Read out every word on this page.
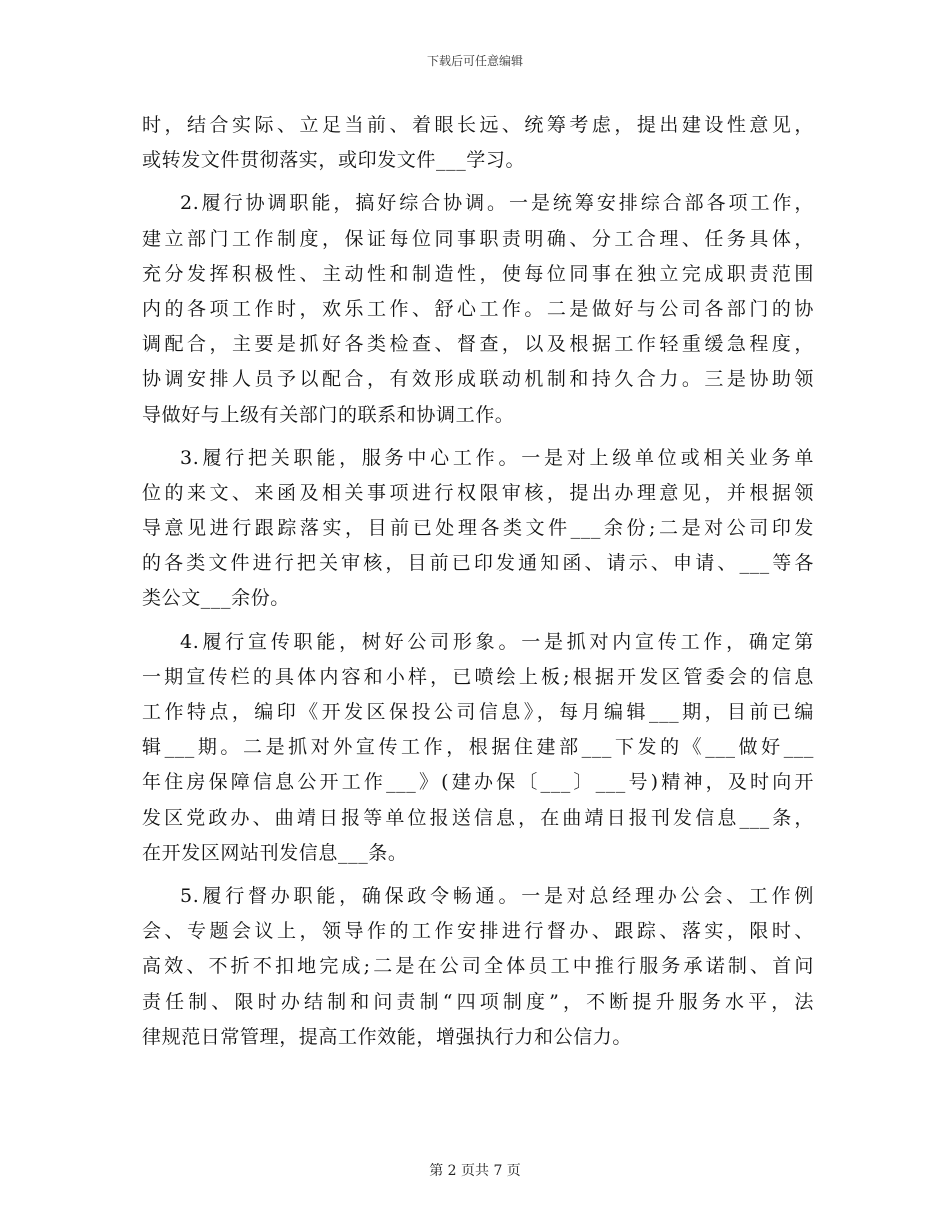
下载后可任意编辑
时，结合实际、立足当前、着眼长远、统筹考虑，提出建设性意见，
或转发文件贯彻落实，或印发文件___学习。
2.履行协调职能，搞好综合协调。一是统筹安排综合部各项工作，
建立部门工作制度，保证每位同事职责明确、分工合理、任务具体，
充分发挥积极性、主动性和制造性，使每位同事在独立完成职责范围
内的各项工作时，欢乐工作、舒心工作。二是做好与公司各部门的协
调配合，主要是抓好各类检查、督查，以及根据工作轻重缓急程度，
协调安排人员予以配合，有效形成联动机制和持久合力。三是协助领
导做好与上级有关部门的联系和协调工作。
3.履行把关职能，服务中心工作。一是对上级单位或相关业务单
位的来文、来函及相关事项进行权限审核，提出办理意见，并根据领
导意见进行跟踪落实，目前已处理各类文件___余份;二是对公司印发
的各类文件进行把关审核，目前已印发通知函、请示、申请、___等各
类公文___余份。
4.履行宣传职能，树好公司形象。一是抓对内宣传工作，确定第
一期宣传栏的具体内容和小样，已喷绘上板;根据开发区管委会的信息
工作特点，编印《开发区保投公司信息》，每月编辑___期，目前已编
辑___期。二是抓对外宣传工作，根据住建部___下发的《___做好___
年住房保障信息公开工作___》(建办保〔___〕___号)精神，及时向开
发区党政办、曲靖日报等单位报送信息，在曲靖日报刊发信息___条，
在开发区网站刊发信息___条。
5.履行督办职能，确保政令畅通。一是对总经理办公会、工作例
会、专题会议上，领导作的工作安排进行督办、跟踪、落实，限时、
高效、不折不扣地完成;二是在公司全体员工中推行服务承诺制、首问
责任制、限时办结制和问责制“四项制度”，不断提升服务水平，法
律规范日常管理，提高工作效能，增强执行力和公信力。
第 2 页共 7 页
